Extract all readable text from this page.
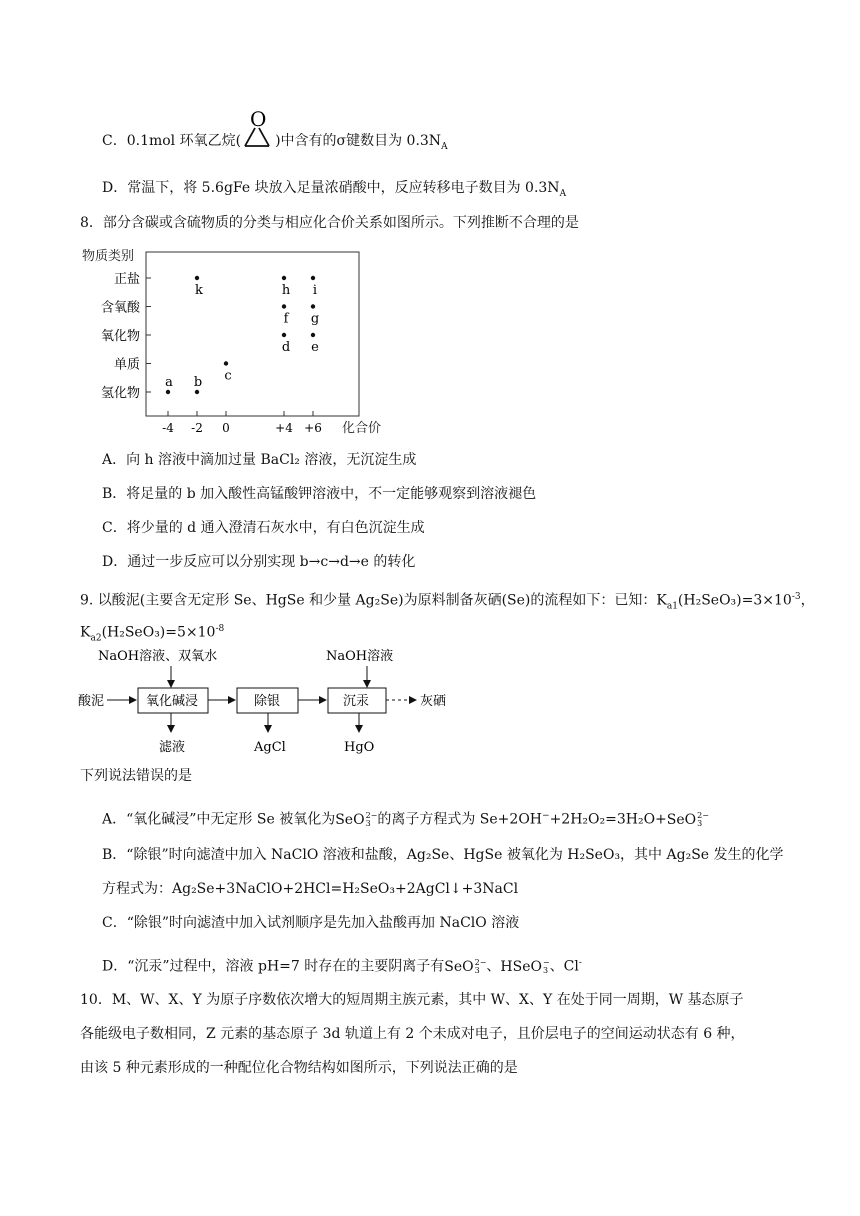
C．0.1mol 环氧乙烷(
O
)中含有的σ键数目为 $0.3N_A$
D．常温下，将 5.6gFe 块放入足量浓硝酸中，反应转移电子数目为 $0.3N_A$
8．部分含碳或含硫物质的分类与相应化合价关系如图所示。下列推断不合理的是
物质类别
氢化物
单质
氧化物
含氧酸
正盐
-4 -2 0	+4 +6
a b c
d e
f g
h i
k
化合价
A．向 h 溶液中滴加过量 BaCl₂ 溶液，无沉淀生成
B．将足量的 b 加入酸性高锰酸钾溶液中，不一定能够观察到溶液褪色
C．将少量的 d 通入澄清石灰水中，有白色沉淀生成
D．通过一步反应可以分别实现 b→c→d→e 的转化
9. 以酸泥(主要含无定形 Se、HgSe 和少量 Ag₂Se)为原料制备灰硒(Se)的流程如下：已知：$K_{a1}(H_2SeO_3)=3\times 10^{-3}$，
$K_{a2}(H_2SeO_3)=5\times 10^{-8}$
NaOH溶液、双氧水	NaOH溶液
酸泥	氧化碱浸	除银	沉汞	灰硒
滤液	AgCl	HgO
下列说法错误的是
A．“氧化碱浸”中无定形 Se 被氧化为SeO 2−
3 的离子方程式为 Se+2OH−+2H₂O₂=3H₂O+SeO 2−
3
B．“除银”时向滤渣中加入 NaClO 溶液和盐酸，Ag₂Se、HgSe 被氧化为 H₂SeO₃，其中 Ag₂Se 发生的化学
方程式为：Ag₂Se+3NaClO+2HCl=H₂SeO₃+2AgCl↓+3NaCl
C．“除银”时向滤渣中加入试剂顺序是先加入盐酸再加 NaClO 溶液
D．“沉汞”过程中，溶液 pH=7 时存在的主要阴离子有SeO 2−
3 、HSeO −
3 、Cl-
10．M、W、X、Y 为原子序数依次增大的短周期主族元素，其中 W、X、Y 在处于同一周期，W 基态原子
各能级电子数相同，Z 元素的基态原子 3d 轨道上有 2 个未成对电子，且价层电子的空间运动状态有 6 种，
由该 5 种元素形成的一种配位化合物结构如图所示，下列说法正确的是
